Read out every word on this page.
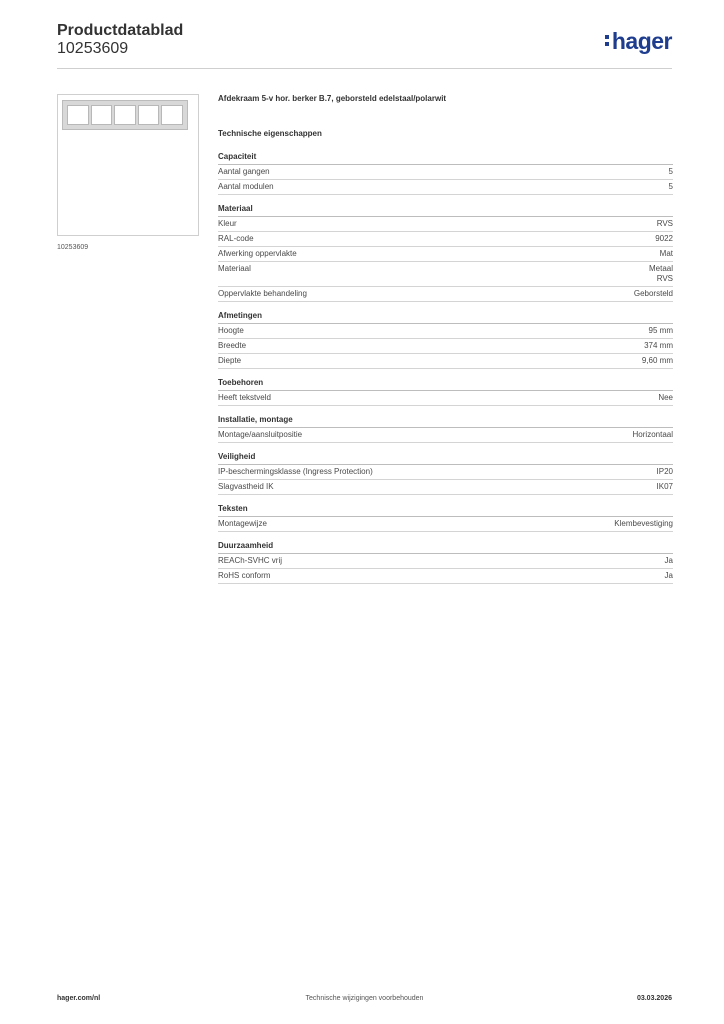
Productdatablad
10253609	hager
10253609
Afdekraam 5-v hor. berker B.7, geborsteld edelstaal/polarwit
Technische eigenschappen
Capaciteit
Aantal gangen	5
Aantal modulen	5
Materiaal
Kleur	RVS
RAL-code	9022
Afwerking oppervlakte	Mat
Materiaal	Metaal
RVS
Oppervlakte behandeling	Geborsteld
Afmetingen
Hoogte	95 mm
Breedte	374 mm
Diepte	9,60 mm
Toebehoren
Heeft tekstveld	Nee
Installatie, montage
Montage/aansluitpositie	Horizontaal
Veiligheid
IP-beschermingsklasse (Ingress Protection)	IP20
Slagvastheid IK	IK07
Teksten
Montagewijze	Klembevestiging
Duurzaamheid
REACh-SVHC vrij	Ja
RoHS conform	Ja
hager.com/nl	Technische wijzigingen voorbehouden	03.03.2026
